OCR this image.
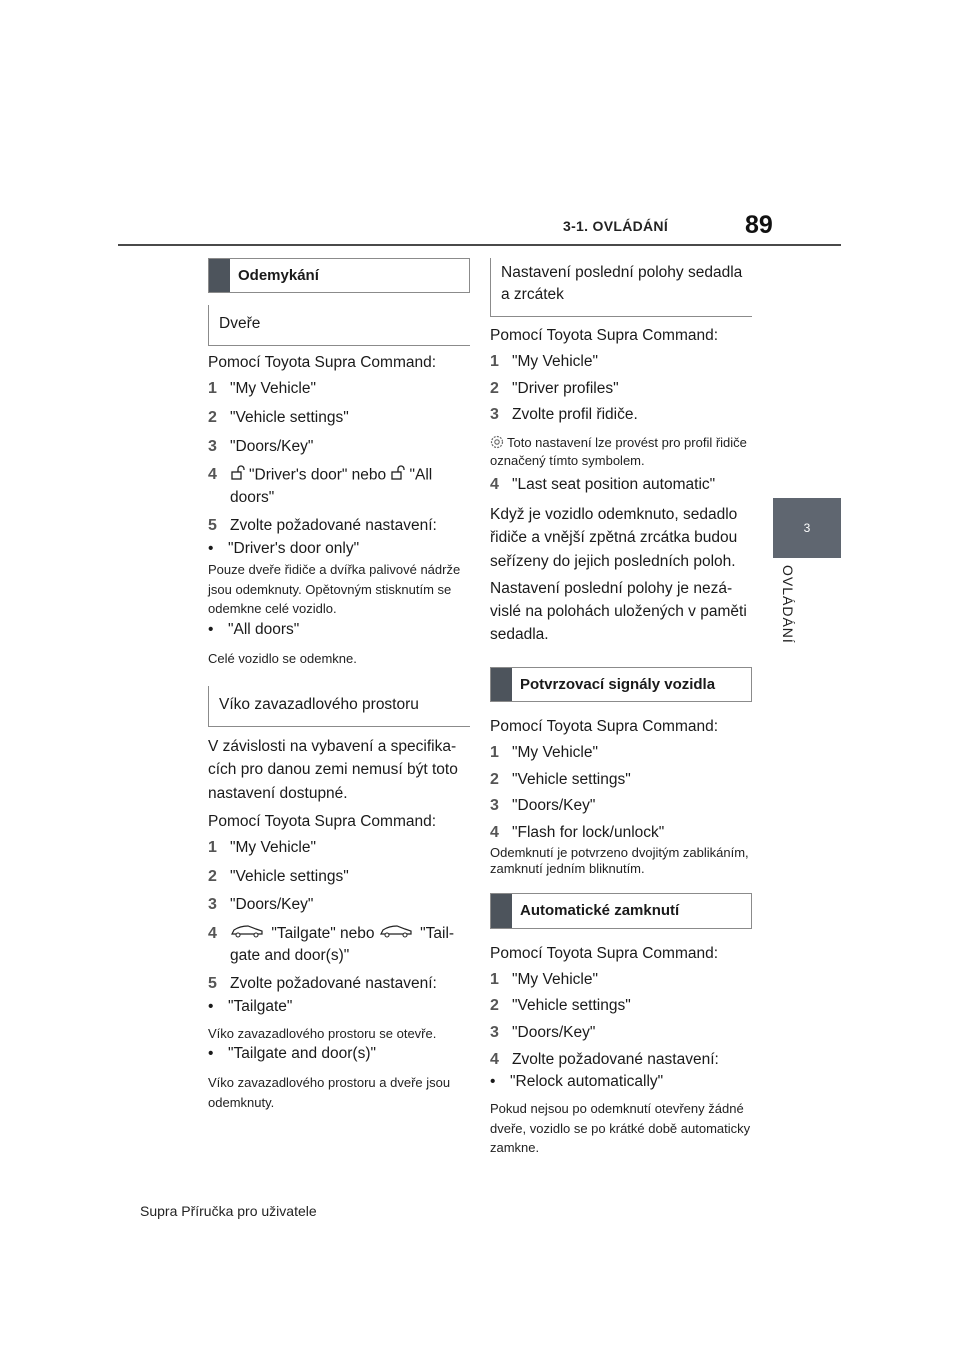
3-1. OVLÁDÁNÍ	89
3
OVLÁDÁNÍ
Odemykání
Dveře

Pomocí Toyota Supra Command:

1 "My Vehicle"
2 "Vehicle settings"
3 "Doors/Key"
4	"Driver's door" nebo "All doors"
5 Zvolte požadované nastavení:
• "Driver's door only"

Pouze dveře řidiče a dvířka palivové nádrže jsou odemknuty. Opětovným stisknutím se odemkne celé vozidlo.

• "All doors"

Celé vozidlo se odemkne.

Víko zavazadlového prostoru

V závislosti na vybavení a specifikacích pro danou zemi nemusí být toto nastavení dostupné.

Pomocí Toyota Supra Command:

1 "My Vehicle"
2 "Vehicle settings"
3 "Doors/Key"
4	"Tailgate" nebo	"Tailgate and door(s)"
5 Zvolte požadované nastavení:
• "Tailgate"

Víko zavazadlového prostoru se otevře.

• "Tailgate and door(s)"

Víko zavazadlového prostoru a dveře jsou odemknuty.

Nastavení poslední polohy sedadla a zrcátek

Pomocí Toyota Supra Command:

1 "My Vehicle"
2 "Driver profiles"
3 Zvolte profil řidiče.

Toto nastavení lze provést pro profil řidiče označený tímto symbolem.

4 "Last seat position automatic"

Když je vozidlo odemknuto, sedadlo řidiče a vnější zpětná zrcátka budou seřízeny do jejich posledních poloh.

Nastavení poslední polohy je nezávislé na polohách uložených v paměti sedadla.

Potvrzovací signály vozidla

Pomocí Toyota Supra Command:

1 "My Vehicle"
2 "Vehicle settings"
3 "Doors/Key"
4 "Flash for lock/unlock"

Odemknutí je potvrzeno dvojitým zablikáním, zamknutí jedním bliknutím.

Automatické zamknutí

Pomocí Toyota Supra Command:

1 "My Vehicle"
2 "Vehicle settings"
3 "Doors/Key"
4 Zvolte požadované nastavení:
• "Relock automatically"

Pokud nejsou po odemknutí otevřeny žádné dveře, vozidlo se po krátké době automaticky zamkne.

Supra Příručka pro uživatele
